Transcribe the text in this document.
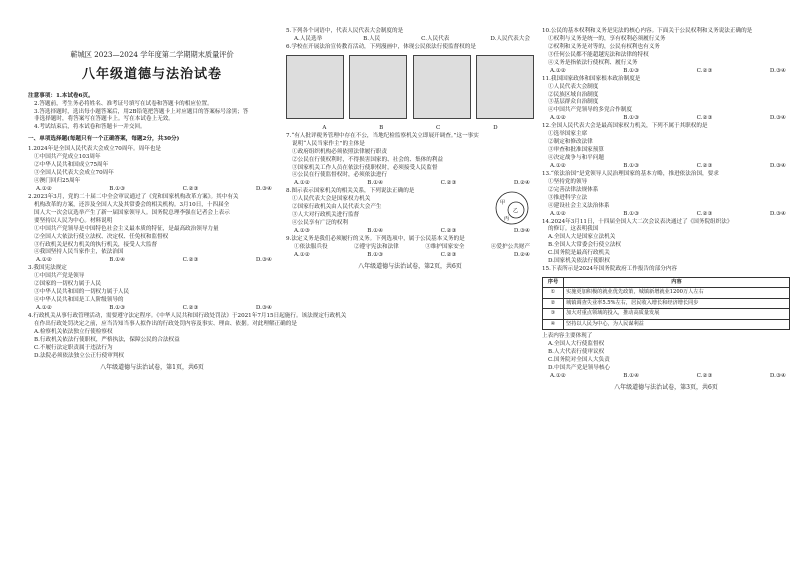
蕲城区 2023—2024 学年度第二学期期末质量评价
八年级道德与法治试卷

注意事项：1.本试卷6页。

2.答题前，考生务必将姓名、准考证号填写在试卷和答题卡的相应位置。

3.答选择题时，选出每小题答案后，用2B铅笔把答题卡上对应题目的答案标号涂黑；答

非选择题时，将答案写在答题卡上。写在本试卷上无效。

4.考试结束后，将本试卷和答题卡一并交回。

一、单项选择题(每题只有一个正确答案，每题2分，共30分)

1.2024年是全国人民代表大会成立70周年。周年也是

①中国共产党成立103周年

②中华人民共和国成立75周年

③全国人民代表大会成立70周年

④澳门回归25周年

A.①②	B.①③	C.②③	D.③④

2.2023年3月，党的二十届二中全会审议通过了《党和国家机构改革方案》。其中有关

机构改革的方案，还涉及全国人大及其常委会的相关机构。3月10日，十四届全

国人大一次会议选举产生了新一届国家领导人。国务院总理李强在记者会上表示

要坚持以人民为中心。材料说明

①中国共产党领导是中国特色社会主义最本质的特征，是最高政治领导力量

②全国人大依法行使立法权、决定权、任免权和监督权

③行政机关是权力机关的执行机关，接受人大监督

④我国坚持人民当家作主，依法治国

A.①②	B.①④	C.②③	D.③④

3.我国宪法规定

①中国共产党是领导

②国家的一切权力属于人民

③中华人民共和国的一切权力属于人民

④中华人民共和国是工人阶级领导的

A.①②	B.①③	C.②③	D.③④

4.行政机关从事行政管理活动，需要遵守法定程序。《中华人民共和国行政处罚法》于2021年7月15日起施行。该法规定行政机关

在作出行政处罚决定之前，应当告知当事人拟作出的行政处罚内容及事实、理由、依据。对此理解正确的是

A.检察机关依法独立行使检察权

B.行政机关依法行使职权，严格执法，保障公民的合法权益

C.不履行法定职责属于违法行为

D.法院必须依法独立公正行使审判权

八年级道德与法治试卷，第1页，共6页

5.下列各个词语中，代表人民代表大会制度的是

A.人民选举	B.人民	C.人民代表	D.人民代表大会

6.学校在开展法治宣传教育活动，下列漫画中，体现公民依法行使监督权的是

A	B	C	D

7.“有人批评税务管理中存在不公，当地纪检监察机关立即展开调查。”这一事实

说明“人民当家作主”的主体是

①政府组织机构必须依照法律履行职责

②公民在行使权利时，不得损害国家的、社会的、集体的利益

③国家机关工作人员在依法行使职权时，必须接受人民监督

④公民在行使监督权时，必须依法进行

A.①②	B.①④	C.②③	D.②④

8.图示表示国家机关的相关关系，下列说法正确的是

①人民代表大会是国家权力机关

②国家行政机关由人民代表大会产生

③人大对行政机关进行监督

④公民享有广泛的权利

甲
乙
丙
A.①③	B.①④	C.②③	D.③④

9.法定义务是我们必须履行的义务。下列选项中，属于公民基本义务的是

①依法服兵役	②遵守宪法和法律	③维护国家安全	④爱护公共财产
A.①②	B.①③	C.②③	D.②④
八年级道德与法治试卷，第2页，共6页

10.公民的基本权利和义务是宪法的核心内容。下面关于公民权利和义务说法正确的是

①权利与义务是统一的，享有权利必须履行义务

②权利和义务是对等的，公民有权利也有义务

③任何公民都不能超越宪法和法律的特权

④义务是指依法行使权利、履行义务

A.①②	B.①③	C.②③	D.③④

11.我国国家政体和国家根本政治制度是

①人民代表大会制度

②民族区域自治制度

③基层群众自治制度

④中国共产党领导的多党合作制度

A.①②	B.①③	C.②③	D.③④

12.全国人民代表大会是最高国家权力机关，下列不属于其职权的是

①选举国家主席

②制定和修改法律

③审查和批准国家预算

④决定战争与和平问题

A.①②	B.①③	C.②③	D.③④

13.“依法治国”是党领导人民治理国家的基本方略，推进依法治国，要求

①坚持党的领导

②完善法律法规体系

③推进科学立法

④建设社会主义法治体系

A.①②	B.①③	C.②③	D.③④

14.2024年3月11日，十四届全国人大二次会议表决通过了《国务院组织法》

的修订。这表明我国

A.全国人大是国家立法机关

B.全国人大常委会行使立法权

C.国务院是最高行政机关

D.国家机关依法行使职权

15.下表所示是2024年国务院政府工作报告的部分内容

序号	内容
①	实施更加积极的就业优先政策，城镇新增就业1200万人左右
②	城镇调查失业率5.5%左右，居民收入增长和经济增长同步
③	加大对重点领域的投入，推动高质量发展
④	坚持以人民为中心，为人民谋利益

上表内容主要体现了

A.全国人大行使监督权

B.人大代表行使审议权

C.国务院对全国人大负责

D.中国共产党是领导核心

A.①②	B.①④	C.②③	D.③④
八年级道德与法治试卷，第3页，共6页
